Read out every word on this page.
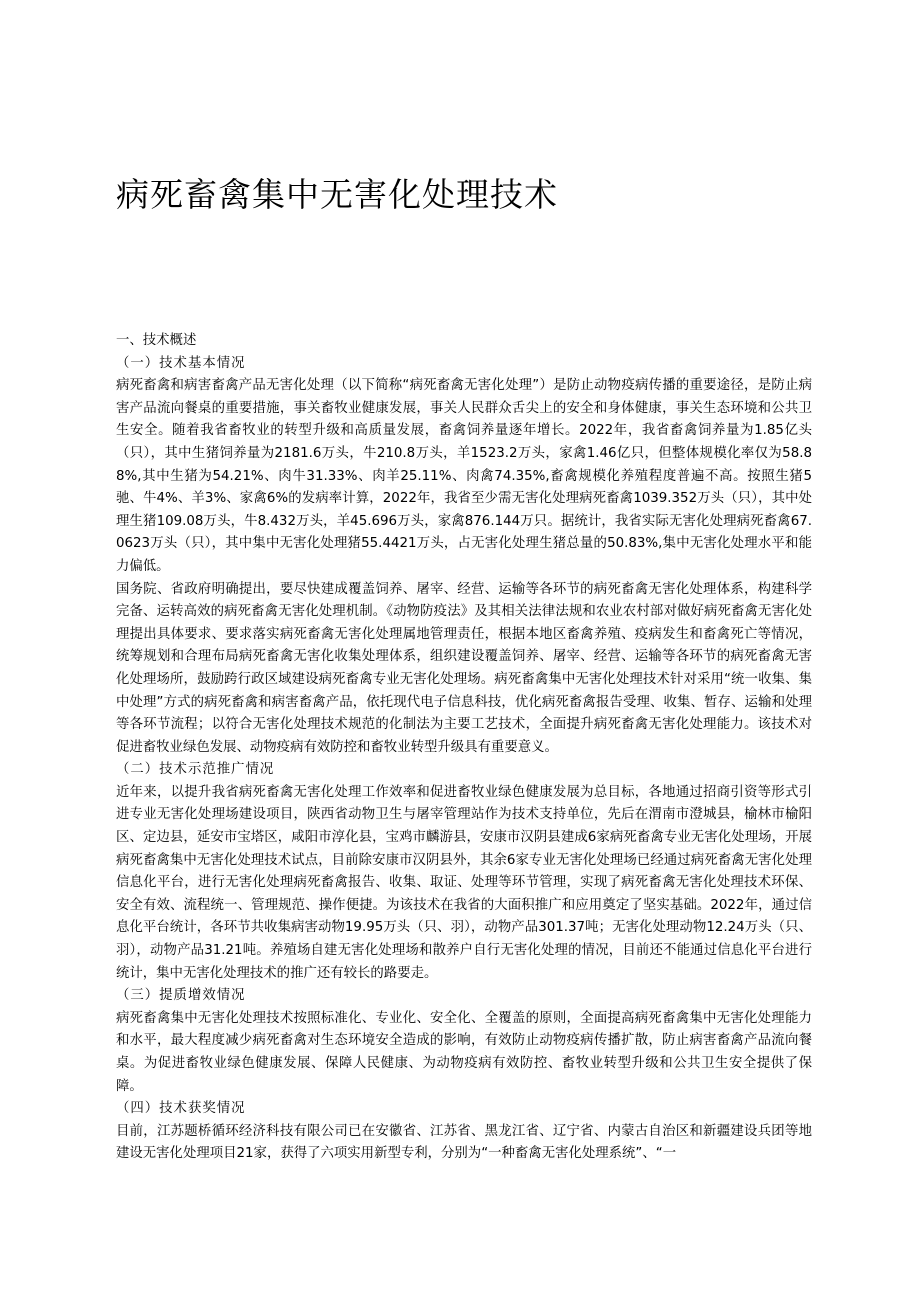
病死畜禽集中无害化处理技术

一、技术概述

（一）技术基本情况

病死畜禽和病害畜禽产品无害化处理（以下简称“病死畜禽无害化处理”）是防止动物疫病传播的重要途径，是防止病害产品流向餐桌的重要措施，事关畜牧业健康发展，事关人民群众舌尖上的安全和身体健康，事关生态环境和公共卫生安全。随着我省畜牧业的转型升级和高质量发展，畜禽饲养量逐年增长。2022年，我省畜禽饲养量为1.85亿头（只），其中生猪饲养量为2181.6万头，牛210.8万头，羊1523.2万头，家禽1.46亿只，但整体规模化率仅为58.88%,其中生猪为54.21%、肉牛31.33%、肉羊25.11%、肉禽74.35%,畜禽规模化养殖程度普遍不高。按照生猪5驰、牛4%、羊3%、家禽6%的发病率计算，2022年，我省至少需无害化处理病死畜禽1039.352万头（只），其中处理生猪109.08万头，牛8.432万头，羊45.696万头，家禽876.144万只。据统计，我省实际无害化处理病死畜禽67.0623万头（只），其中集中无害化处理猪55.4421万头，占无害化处理生猪总量的50.83%,集中无害化处理水平和能力偏低。

国务院、省政府明确提出，要尽快建成覆盖饲养、屠宰、经营、运输等各环节的病死畜禽无害化处理体系，构建科学完备、运转高效的病死畜禽无害化处理机制。《动物防疫法》及其相关法律法规和农业农村部对做好病死畜禽无害化处理提出具体要求、要求落实病死畜禽无害化处理属地管理责任，根据本地区畜禽养殖、疫病发生和畜禽死亡等情况，统筹规划和合理布局病死畜禽无害化收集处理体系，组织建设覆盖饲养、屠宰、经营、运输等各环节的病死畜禽无害化处理场所，鼓励跨行政区域建设病死畜禽专业无害化处理场。病死畜禽集中无害化处理技术针对采用“统一收集、集中处理”方式的病死畜禽和病害畜禽产品，依托现代电子信息科技，优化病死畜禽报告受理、收集、暂存、运输和处理等各环节流程；以符合无害化处理技术规范的化制法为主要工艺技术，全面提升病死畜禽无害化处理能力。该技术对促进畜牧业绿色发展、动物疫病有效防控和畜牧业转型升级具有重要意义。

（二）技术示范推广情况

近年来，以提升我省病死畜禽无害化处理工作效率和促进畜牧业绿色健康发展为总目标，各地通过招商引资等形式引进专业无害化处理场建设项目，陕西省动物卫生与屠宰管理站作为技术支持单位，先后在渭南市澄城县，榆林市榆阳区、定边县，延安市宝塔区，咸阳市淳化县，宝鸡市麟游县，安康市汉阴县建成6家病死畜禽专业无害化处理场，开展病死畜禽集中无害化处理技术试点，目前除安康市汉阴县外，其余6家专业无害化处理场已经通过病死畜禽无害化处理信息化平台，进行无害化处理病死畜禽报告、收集、取证、处理等环节管理，实现了病死畜禽无害化处理技术环保、安全有效、流程统一、管理规范、操作便捷。为该技术在我省的大面积推广和应用奠定了坚实基础。2022年，通过信息化平台统计，各环节共收集病害动物19.95万头（只、羽），动物产品301.37吨；无害化处理动物12.24万头（只、羽），动物产品31.21吨。养殖场自建无害化处理场和散养户自行无害化处理的情况，目前还不能通过信息化平台进行统计，集中无害化处理技术的推广还有较长的路要走。

（三）提质增效情况

病死畜禽集中无害化处理技术按照标准化、专业化、安全化、全覆盖的原则，全面提高病死畜禽集中无害化处理能力和水平，最大程度减少病死畜禽对生态环境安全造成的影响，有效防止动物疫病传播扩散，防止病害畜禽产品流向餐桌。为促进畜牧业绿色健康发展、保障人民健康、为动物疫病有效防控、畜牧业转型升级和公共卫生安全提供了保障。

（四）技术获奖情况

目前，江苏题桥循环经济科技有限公司已在安徽省、江苏省、黑龙江省、辽宁省、内蒙古自治区和新疆建设兵团等地建设无害化处理项目21家，获得了六项实用新型专利，分别为“一种畜禽无害化处理系统”、“一
